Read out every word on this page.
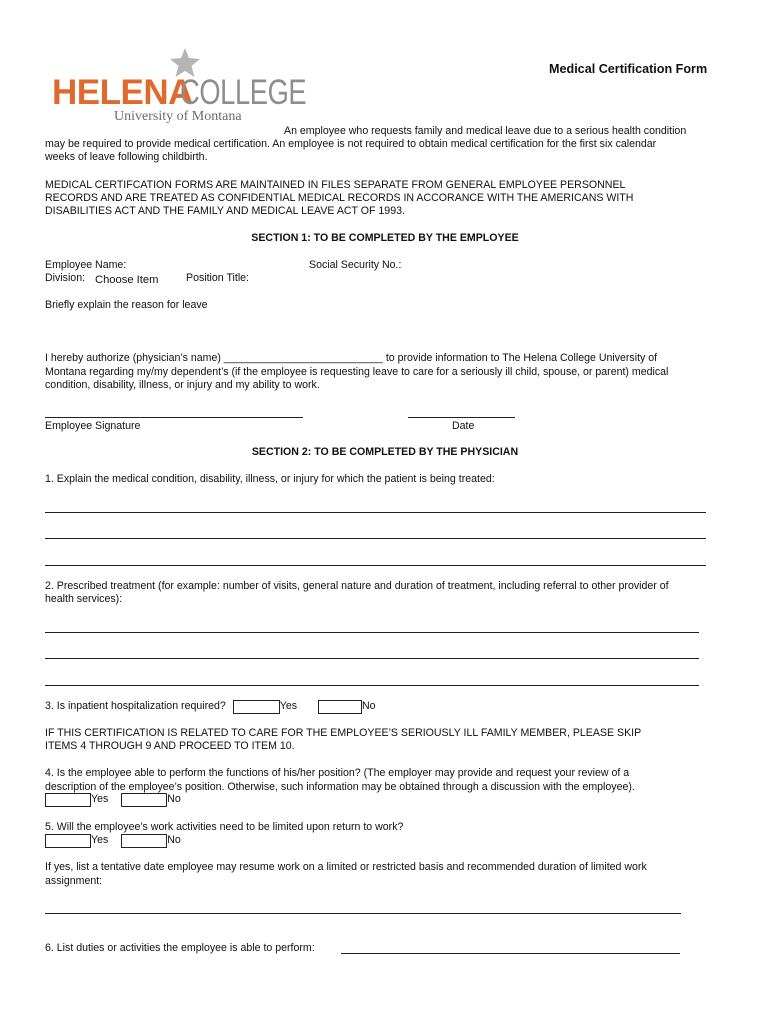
HELENA
COLLEGE
University of Montana
Medical Certification Form
An employee who requests family and medical leave due to a serious health condition
may be required to provide medical certification. An employee is not required to obtain medical certification for the first six calendar
weeks of leave following childbirth.
MEDICAL CERTIFCATION FORMS ARE MAINTAINED IN FILES SEPARATE FROM GENERAL EMPLOYEE PERSONNEL
RECORDS AND ARE TREATED AS CONFIDENTIAL MEDICAL RECORDS IN ACCORANCE WITH THE AMERICANS WITH
DISABILITIES ACT AND THE FAMILY AND MEDICAL LEAVE ACT OF 1993.
SECTION 1: TO BE COMPLETED BY THE EMPLOYEE
Employee Name:	Social Security No.:
Division: Choose Item	Position Title:
Briefly explain the reason for leave
I hereby authorize (physician’s name) ___________________________ to provide information to The Helena College University of
Montana regarding my/my dependent’s (if the employee is requesting leave to care for a seriously ill child, spouse, or parent) medical
condition, disability, illness, or injury and my ability to work.
Employee Signature	Date
SECTION 2: TO BE COMPLETED BY THE PHYSICIAN
1. Explain the medical condition, disability, illness, or injury for which the patient is being treated:
2. Prescribed treatment (for example: number of visits, general nature and duration of treatment, including referral to other provider of
health services):
3. Is inpatient hospitalization required?	Yes	No
IF THIS CERTIFICATION IS RELATED TO CARE FOR THE EMPLOYEE’S SERIOUSLY ILL FAMILY MEMBER, PLEASE SKIP
ITEMS 4 THROUGH 9 AND PROCEED TO ITEM 10.
4. Is the employee able to perform the functions of his/her position? (The employer may provide and request your review of a
description of the employee’s position. Otherwise, such information may be obtained through a discussion with the employee).
Yes	No
5. Will the employee’s work activities need to be limited upon return to work?
Yes	No
If yes, list a tentative date employee may resume work on a limited or restricted basis and recommended duration of limited work
assignment:
6. List duties or activities the employee is able to perform:
